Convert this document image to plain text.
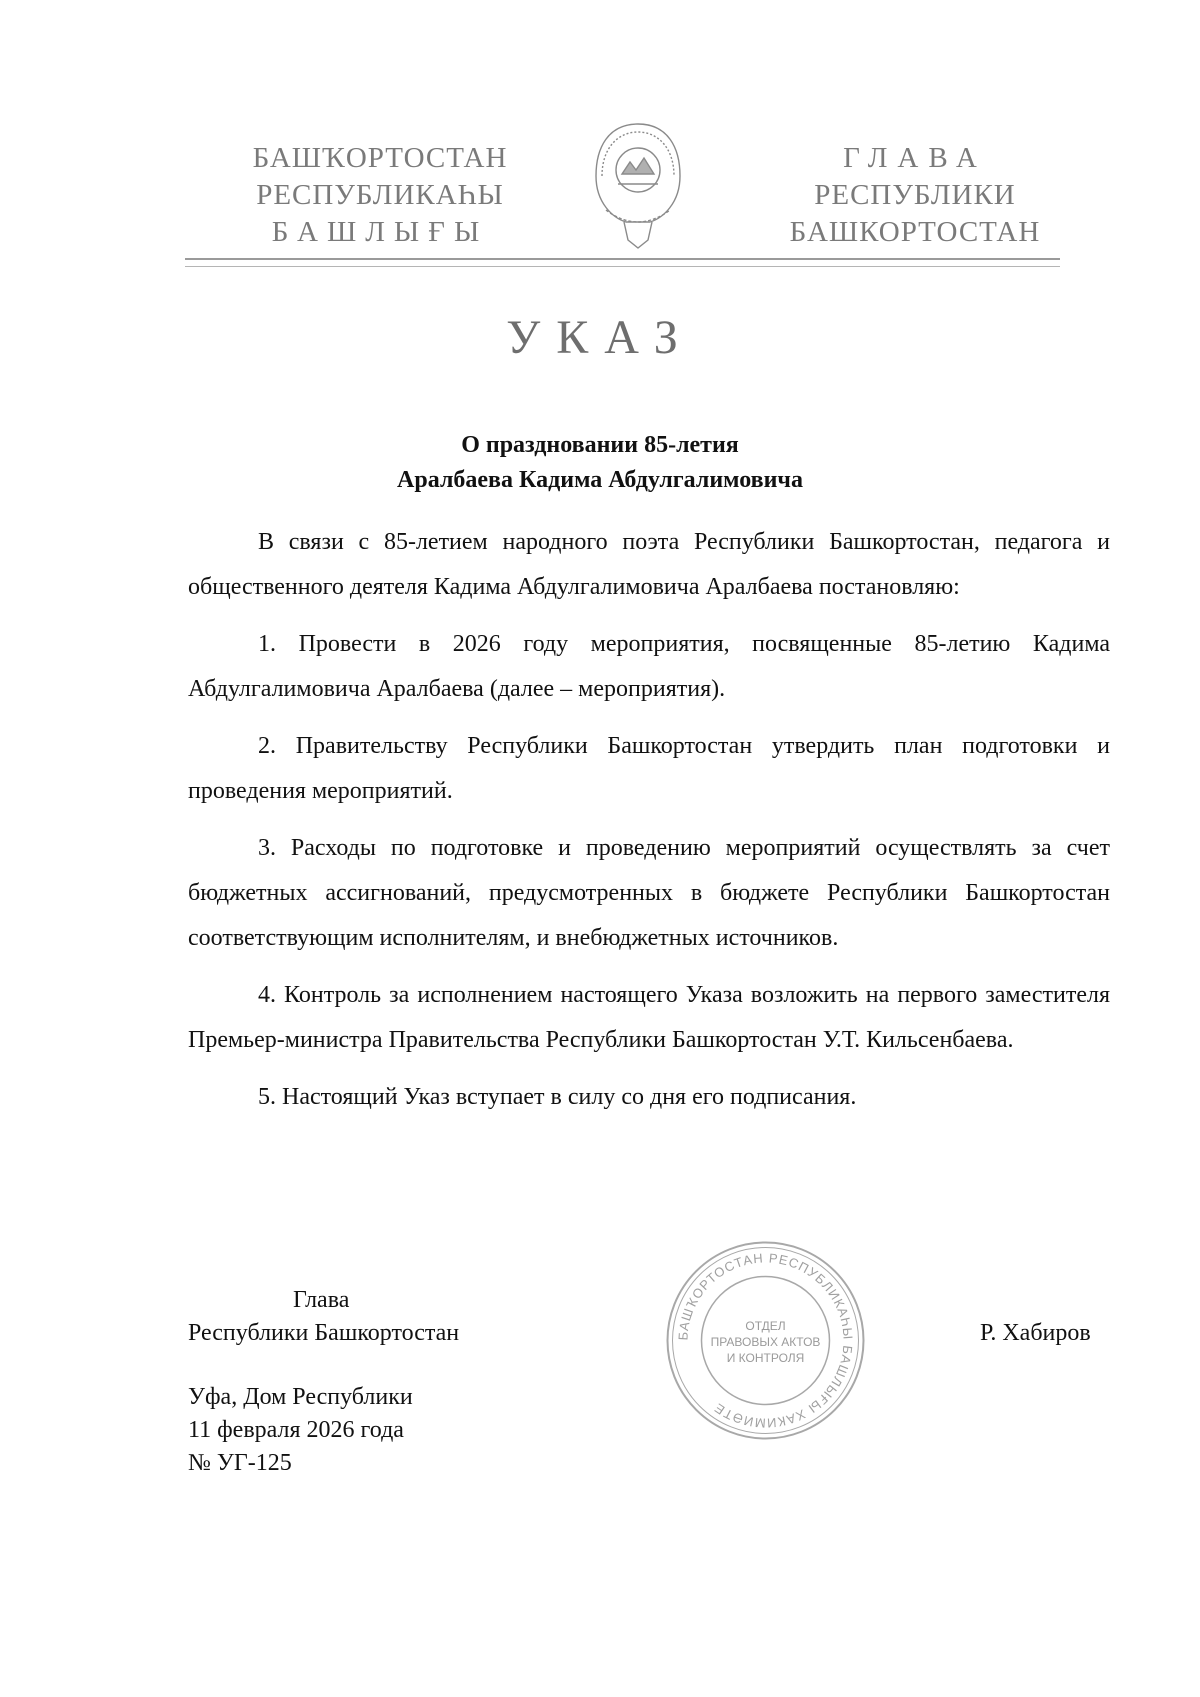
БАШҠОРТОСТАН
РЕСПУБЛИКАҺЫ
БАШЛЫҒЫ
ГЛАВА
РЕСПУБЛИКИ
БАШКОРТОСТАН
УКАЗ
О праздновании 85-летия
Аралбаева Кадима Абдулгалимовича

В связи с 85-летием народного поэта Республики Башкортостан, педагога и общественного деятеля Кадима Абдулгалимовича Аралбаева постановляю:

1. Провести в 2026 году мероприятия, посвященные 85-летию Кадима Абдулгалимовича Аралбаева (далее – мероприятия).

2. Правительству Республики Башкортостан утвердить план подготовки и проведения мероприятий.

3. Расходы по подготовке и проведению мероприятий осуществлять за счет бюджетных ассигнований, предусмотренных в бюджете Республики Башкортостан соответствующим исполнителям, и внебюджетных источников.

4. Контроль за исполнением настоящего Указа возложить на первого заместителя Премьер-министра Правительства Республики Башкортостан У.Т. Кильсенбаева.

5. Настоящий Указ вступает в силу со дня его подписания.

Глава
Республики Башкортостан	БАШҠОРТОСТАН РЕСПУБЛИКАҺЫ БАШЛЫҒЫ ХАКИМИӘТЕ
ОТДЕЛ
ПРАВОВЫХ АКТОВ
И КОНТРОЛЯ
Р. Хабиров
Уфа, Дом Республики
11 февраля 2026 года
№ УГ-125
